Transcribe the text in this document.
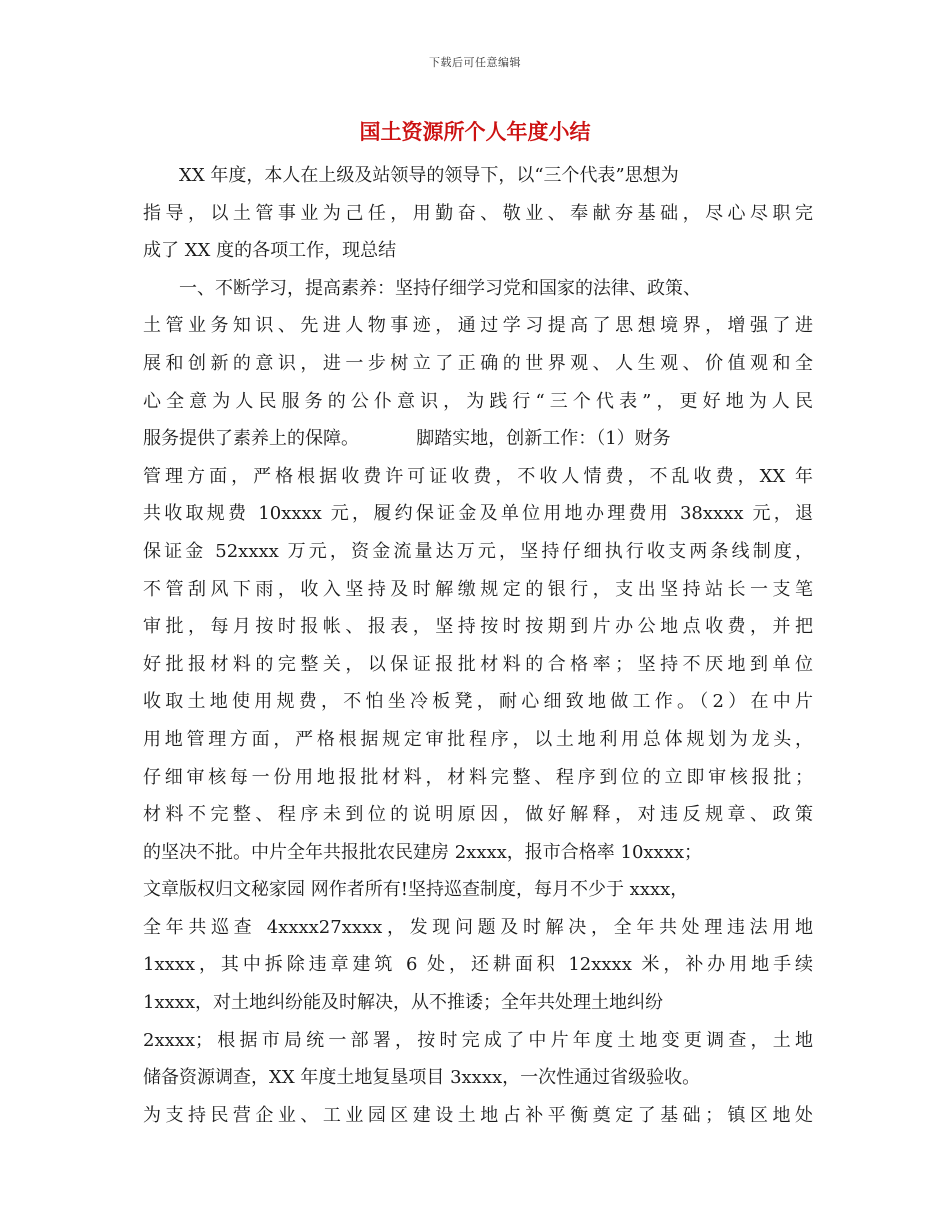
下载后可任意编辑
国土资源所个人年度小结
XX 年度，本人在上级及站领导的领导下，以“三个代表”思想为
指导，以土管事业为己任，用勤奋、敬业、奉献夯基础，尽心尽职完
成了 XX 度的各项工作，现总结
一、不断学习，提高素养：坚持仔细学习党和国家的法律、政策、
土管业务知识、先进人物事迹，通过学习提高了思想境界，增强了进
展和创新的意识，进一步树立了正确的世界观、人生观、价值观和全
心全意为人民服务的公仆意识，为践行“三个代表”，更好地为人民
服务提供了素养上的保障。          脚踏实地，创新工作：（1）财务
管理方面，严格根据收费许可证收费，不收人情费，不乱收费，XX 年
共收取规费 10xxxx 元，履约保证金及单位用地办理费用 38xxxx 元，退
保证金 52xxxx 万元，资金流量达万元，坚持仔细执行收支两条线制度，
不管刮风下雨，收入坚持及时解缴规定的银行，支出坚持站长一支笔
审批，每月按时报帐、报表，坚持按时按期到片办公地点收费，并把
好批报材料的完整关，以保证报批材料的合格率；坚持不厌地到单位
收取土地使用规费，不怕坐冷板凳，耐心细致地做工作。（2）在中片
用地管理方面，严格根据规定审批程序，以土地利用总体规划为龙头，
仔细审核每一份用地报批材料，材料完整、程序到位的立即审核报批；
材料不完整、程序未到位的说明原因，做好解释，对违反规章、政策
的坚决不批。中片全年共报批农民建房 2xxxx，报市合格率 10xxxx；
文章版权归文秘家园 网作者所有!坚持巡查制度，每月不少于 xxxx，
全年共巡查 4xxxx27xxxx，发现问题及时解决，全年共处理违法用地
1xxxx，其中拆除违章建筑 6 处，还耕面积 12xxxx 米，补办用地手续
1xxxx，对土地纠纷能及时解决，从不推诿；全年共处理土地纠纷
2xxxx；根据市局统一部署，按时完成了中片年度土地变更调查，土地
储备资源调查，XX 年度土地复垦项目 3xxxx，一次性通过省级验收。
为支持民营企业、工业园区建设土地占补平衡奠定了基础；镇区地处
